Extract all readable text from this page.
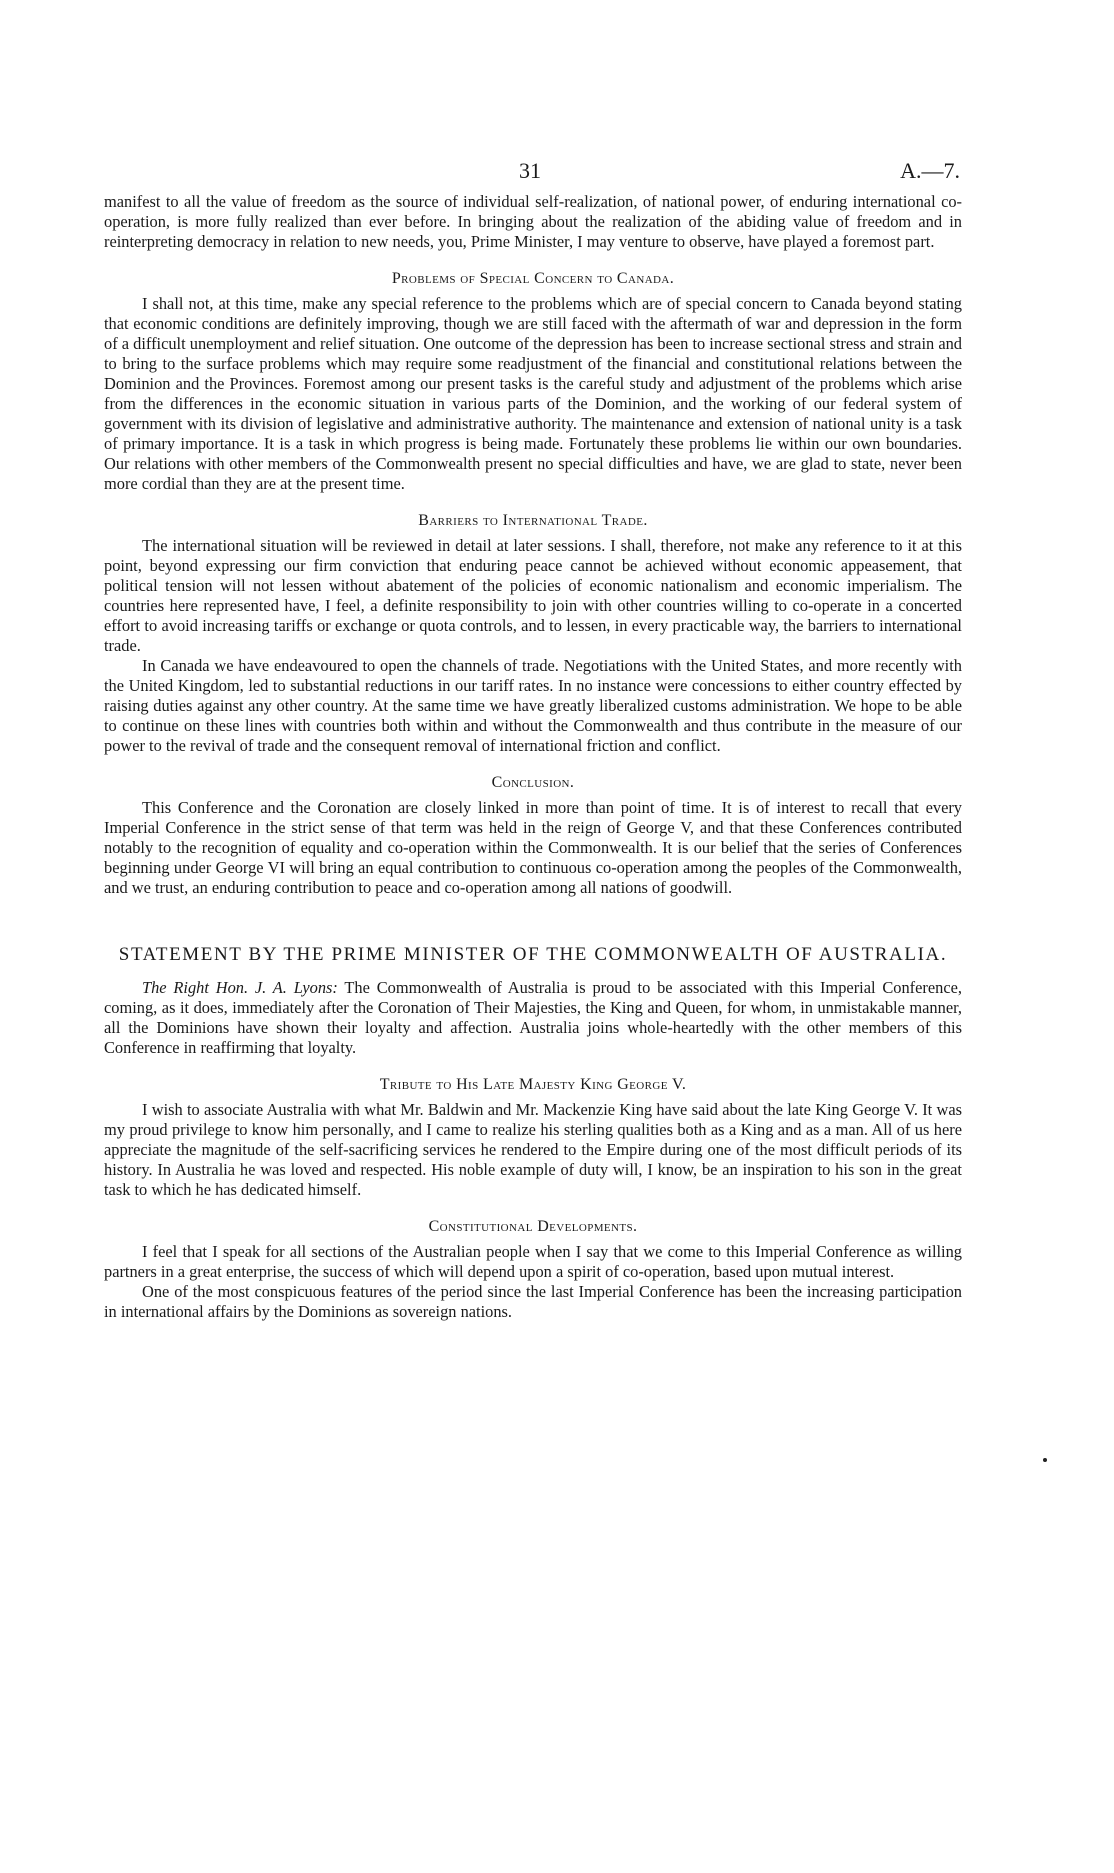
31	A.—7.

manifest to all the value of freedom as the source of individual self-realization, of national power, of enduring international co-operation, is more fully realized than ever before. In bringing about the realization of the abiding value of freedom and in reinterpreting democracy in relation to new needs, you, Prime Minister, I may venture to observe, have played a foremost part.

Problems of Special Concern to Canada.

I shall not, at this time, make any special reference to the problems which are of special concern to Canada beyond stating that economic conditions are definitely improving, though we are still faced with the aftermath of war and depression in the form of a difficult unemployment and relief situation. One outcome of the depression has been to increase sectional stress and strain and to bring to the surface problems which may require some readjustment of the financial and constitutional relations between the Dominion and the Provinces. Foremost among our present tasks is the careful study and adjustment of the problems which arise from the differences in the economic situation in various parts of the Dominion, and the working of our federal system of government with its division of legislative and administrative authority. The maintenance and extension of national unity is a task of primary importance. It is a task in which progress is being made. Fortunately these problems lie within our own boundaries. Our relations with other members of the Commonwealth present no special difficulties and have, we are glad to state, never been more cordial than they are at the present time.

Barriers to International Trade.

The international situation will be reviewed in detail at later sessions. I shall, therefore, not make any reference to it at this point, beyond expressing our firm conviction that enduring peace cannot be achieved without economic appeasement, that political tension will not lessen without abatement of the policies of economic nationalism and economic imperialism. The countries here represented have, I feel, a definite responsibility to join with other countries willing to co-operate in a concerted effort to avoid increasing tariffs or exchange or quota controls, and to lessen, in every practicable way, the barriers to international trade.

In Canada we have endeavoured to open the channels of trade. Negotiations with the United States, and more recently with the United Kingdom, led to substantial reductions in our tariff rates. In no instance were concessions to either country effected by raising duties against any other country. At the same time we have greatly liberalized customs administration. We hope to be able to continue on these lines with countries both within and without the Commonwealth and thus contribute in the measure of our power to the revival of trade and the consequent removal of international friction and conflict.

Conclusion.

This Conference and the Coronation are closely linked in more than point of time. It is of interest to recall that every Imperial Conference in the strict sense of that term was held in the reign of George V, and that these Conferences contributed notably to the recognition of equality and co-operation within the Commonwealth. It is our belief that the series of Conferences beginning under George VI will bring an equal contribution to continuous co-operation among the peoples of the Commonwealth, and we trust, an enduring contribution to peace and co-operation among all nations of goodwill.

STATEMENT BY THE PRIME MINISTER OF THE COMMONWEALTH OF AUSTRALIA.

The Right Hon. J. A. Lyons: The Commonwealth of Australia is proud to be associated with this Imperial Conference, coming, as it does, immediately after the Coronation of Their Majesties, the King and Queen, for whom, in unmistakable manner, all the Dominions have shown their loyalty and affection. Australia joins whole-heartedly with the other members of this Conference in reaffirming that loyalty.

Tribute to His Late Majesty King George V.

I wish to associate Australia with what Mr. Baldwin and Mr. Mackenzie King have said about the late King George V. It was my proud privilege to know him personally, and I came to realize his sterling qualities both as a King and as a man. All of us here appreciate the magnitude of the self-sacrificing services he rendered to the Empire during one of the most difficult periods of its history. In Australia he was loved and respected. His noble example of duty will, I know, be an inspiration to his son in the great task to which he has dedicated himself.

Constitutional Developments.

I feel that I speak for all sections of the Australian people when I say that we come to this Imperial Conference as willing partners in a great enterprise, the success of which will depend upon a spirit of co-operation, based upon mutual interest.

One of the most conspicuous features of the period since the last Imperial Conference has been the increasing participation in international affairs by the Dominions as sovereign nations.
